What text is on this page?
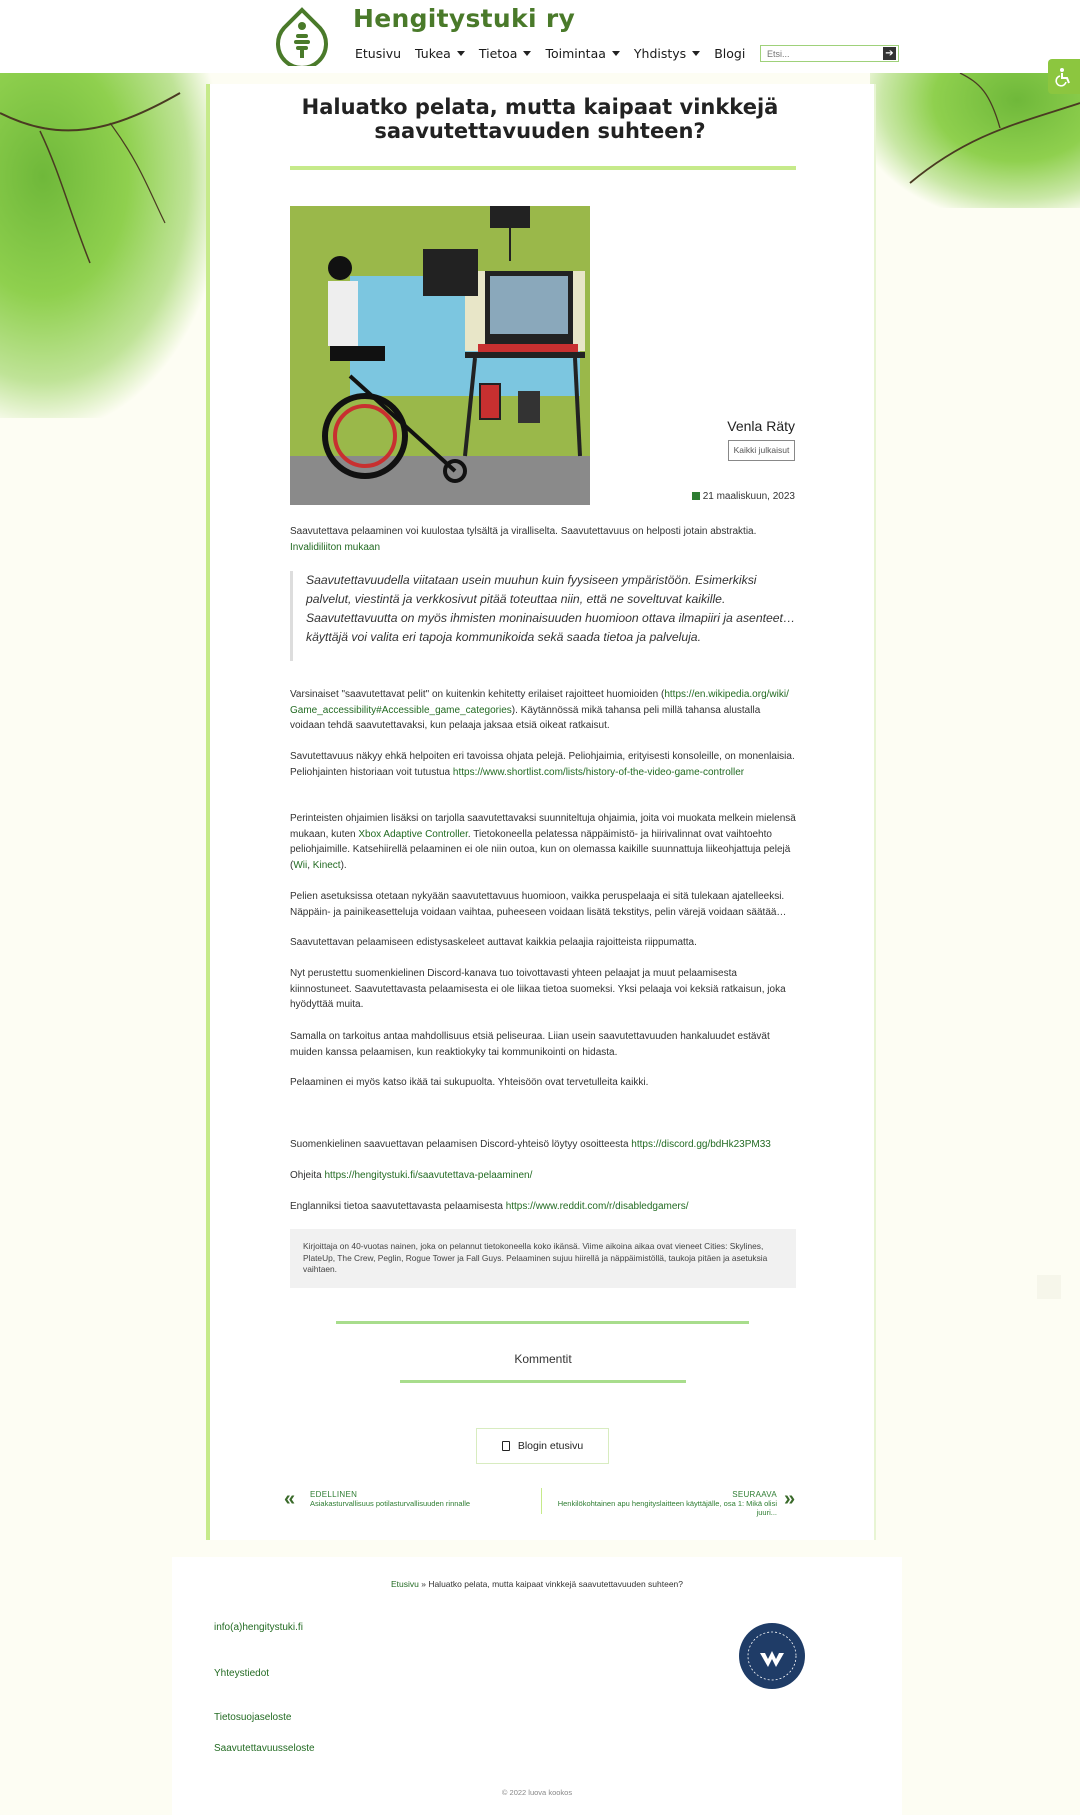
Hengitystuki ry
Etusivu Tukea Tietoa Toimintaa Yhdistys Blogi
Etsi...	➔
Haluatko pelata, mutta kaipaat vinkkejä saavutettavuuden suhteen?
Venla Räty
Kaikki julkaisut
21 maaliskuun, 2023

Saavutettava pelaaminen voi kuulostaa tylsältä ja viralliselta. Saavutettavuus on helposti jotain abstraktia.
Invalidiliiton mukaan

Saavutettavuudella viitataan usein muuhun kuin fyysiseen ympäristöön. Esimerkiksi palvelut, viestintä ja verkkosivut pitää toteuttaa niin, että ne soveltuvat kaikille. Saavutettavuutta on myös ihmisten moninaisuuden huomioon ottava ilmapiiri ja asenteet… käyttäjä voi valita eri tapoja kommunikoida sekä saada tietoa ja palveluja.

Varsinaiset "saavutettavat pelit" on kuitenkin kehitetty erilaiset rajoitteet huomioiden (https://en.wikipedia.org/wiki/Game_accessibility#Accessible_game_categories). Käytännössä mikä tahansa peli millä tahansa alustalla voidaan tehdä saavutettavaksi, kun pelaaja jaksaa etsiä oikeat ratkaisut.

Savutettavuus näkyy ehkä helpoiten eri tavoissa ohjata pelejä. Peliohjaimia, erityisesti konsoleille, on monenlaisia. Peliohjainten historiaan voit tutustua https://www.shortlist.com/lists/history-of-the-video-game-controller

Perinteisten ohjaimien lisäksi on tarjolla saavutettavaksi suunniteltuja ohjaimia, joita voi muokata melkein mielensä mukaan, kuten Xbox Adaptive Controller. Tietokoneella pelatessa näppäimistö- ja hiirivalinnat ovat vaihtoehto peliohjaimille. Katsehiirellä pelaaminen ei ole niin outoa, kun on olemassa kaikille suunnattuja liikeohjattuja pelejä (Wii, Kinect).

Pelien asetuksissa otetaan nykyään saavutettavuus huomioon, vaikka peruspelaaja ei sitä tulekaan ajatelleeksi. Näppäin- ja painikeasetteluja voidaan vaihtaa, puheeseen voidaan lisätä tekstitys, pelin värejä voidaan säätää…

Saavutettavan pelaamiseen edistysaskeleet auttavat kaikkia pelaajia rajoitteista riippumatta.

Nyt perustettu suomenkielinen Discord-kanava tuo toivottavasti yhteen pelaajat ja muut pelaamisesta kiinnostuneet. Saavutettavasta pelaamisesta ei ole liikaa tietoa suomeksi. Yksi pelaaja voi keksiä ratkaisun, joka hyödyttää muita.

Samalla on tarkoitus antaa mahdollisuus etsiä peliseuraa. Liian usein saavutettavuuden hankaluudet estävät muiden kanssa pelaamisen, kun reaktiokyky tai kommunikointi on hidasta.

Pelaaminen ei myös katso ikää tai sukupuolta. Yhteisöön ovat tervetulleita kaikki.

Suomenkielinen saavuettavan pelaamisen Discord-yhteisö löytyy osoitteesta https://discord.gg/bdHk23PM33

Ohjeita https://hengitystuki.fi/saavutettava-pelaaminen/

Englanniksi tietoa saavutettavasta pelaamisesta https://www.reddit.com/r/disabledgamers/

Kirjoittaja on 40-vuotas nainen, joka on pelannut tietokoneella koko ikänsä. Viime aikoina aikaa ovat vieneet Cities: Skylines, PlateUp, The Crew, Peglin, Rogue Tower ja Fall Guys. Pelaaminen sujuu hiirellä ja näppäimistöllä, taukoja pitäen ja asetuksia vaihtaen.
Kommentit
Blogin etusivu
« EDELLINEN
Asiakasturvallisuus potilasturvallisuuden rinnalle
SEURAAVA
Henkilökohtainen apu hengityslaitteen käyttäjälle, osa 1: Mikä olisi juuri...
»
Etusivu » Haluatko pelata, mutta kaipaat vinkkejä saavutettavuuden suhteen?
info(a)hengitystuki.fi
Yhteystiedot
Tietosuojaseloste
Saavutettavuusseloste
© 2022 luova kookos
